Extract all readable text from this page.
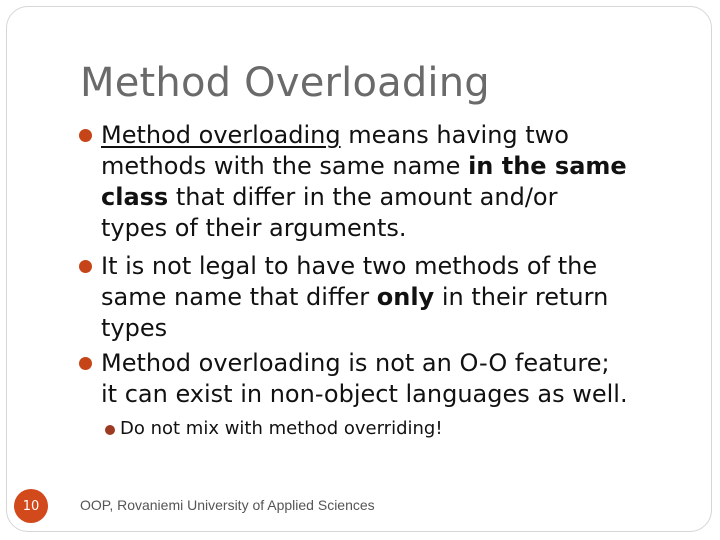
Method Overloading
Method overloading means having two
methods with the same name in the same
class that differ in the amount and/or
types of their arguments.
It is not legal to have two methods of the
same name that differ only in their return
types
Method overloading is not an O-O feature;
it can exist in non-object languages as well.
Do not mix with method overriding!
10	OOP, Rovaniemi University of Applied Sciences
